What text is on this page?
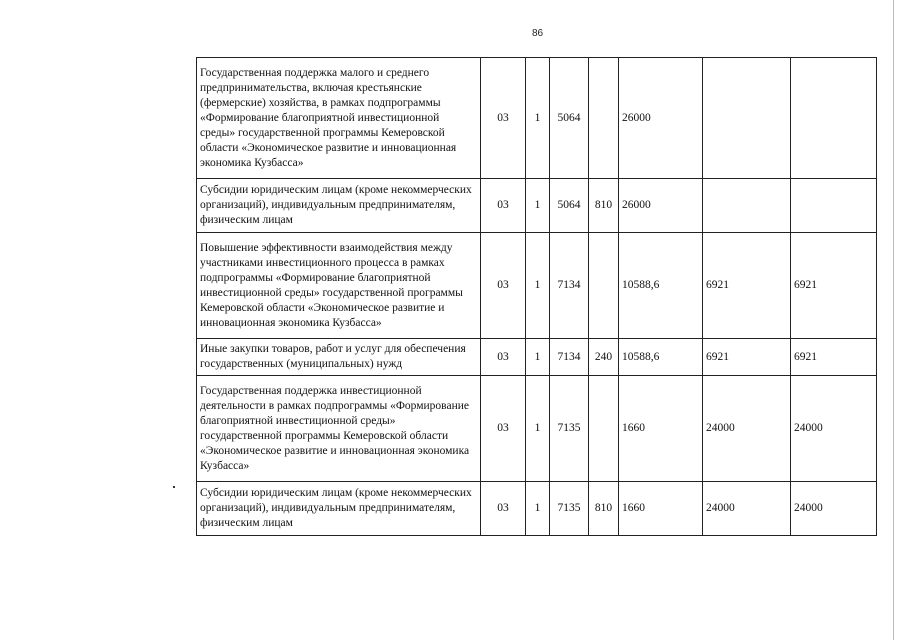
86
Государственная поддержка малого и среднего предпринимательства, включая крестьянские (фермерские) хозяйства, в рамках подпрограммы «Формирование благоприятной инвестиционной среды» государственной программы Кемеровской области «Экономическое развитие и инновационная экономика Кузбасса»	03	1	5064		26000		
Субсидии юридическим лицам (кроме некоммерческих организаций), индивидуальным предпринимателям, физическим лицам	03	1	5064	810	26000		
Повышение эффективности взаимодействия между участниками инвестиционного процесса в рамках подпрограммы «Формирование благоприятной инвестиционной среды» государственной программы Кемеровской области «Экономическое развитие и инновационная экономика Кузбасса»	03	1	7134		10588,6	6921	6921
Иные закупки товаров, работ и услуг для обеспечения государственных (муниципальных) нужд	03	1	7134	240	10588,6	6921	6921
Государственная поддержка инвестиционной деятельности в рамках подпрограммы «Формирование благоприятной инвестиционной среды» государственной программы Кемеровской области «Экономическое развитие и инновационная экономика Кузбасса»	03	1	7135		1660	24000	24000
Субсидии юридическим лицам (кроме некоммерческих организаций), индивидуальным предпринимателям, физическим лицам	03	1	7135	810	1660	24000	24000
